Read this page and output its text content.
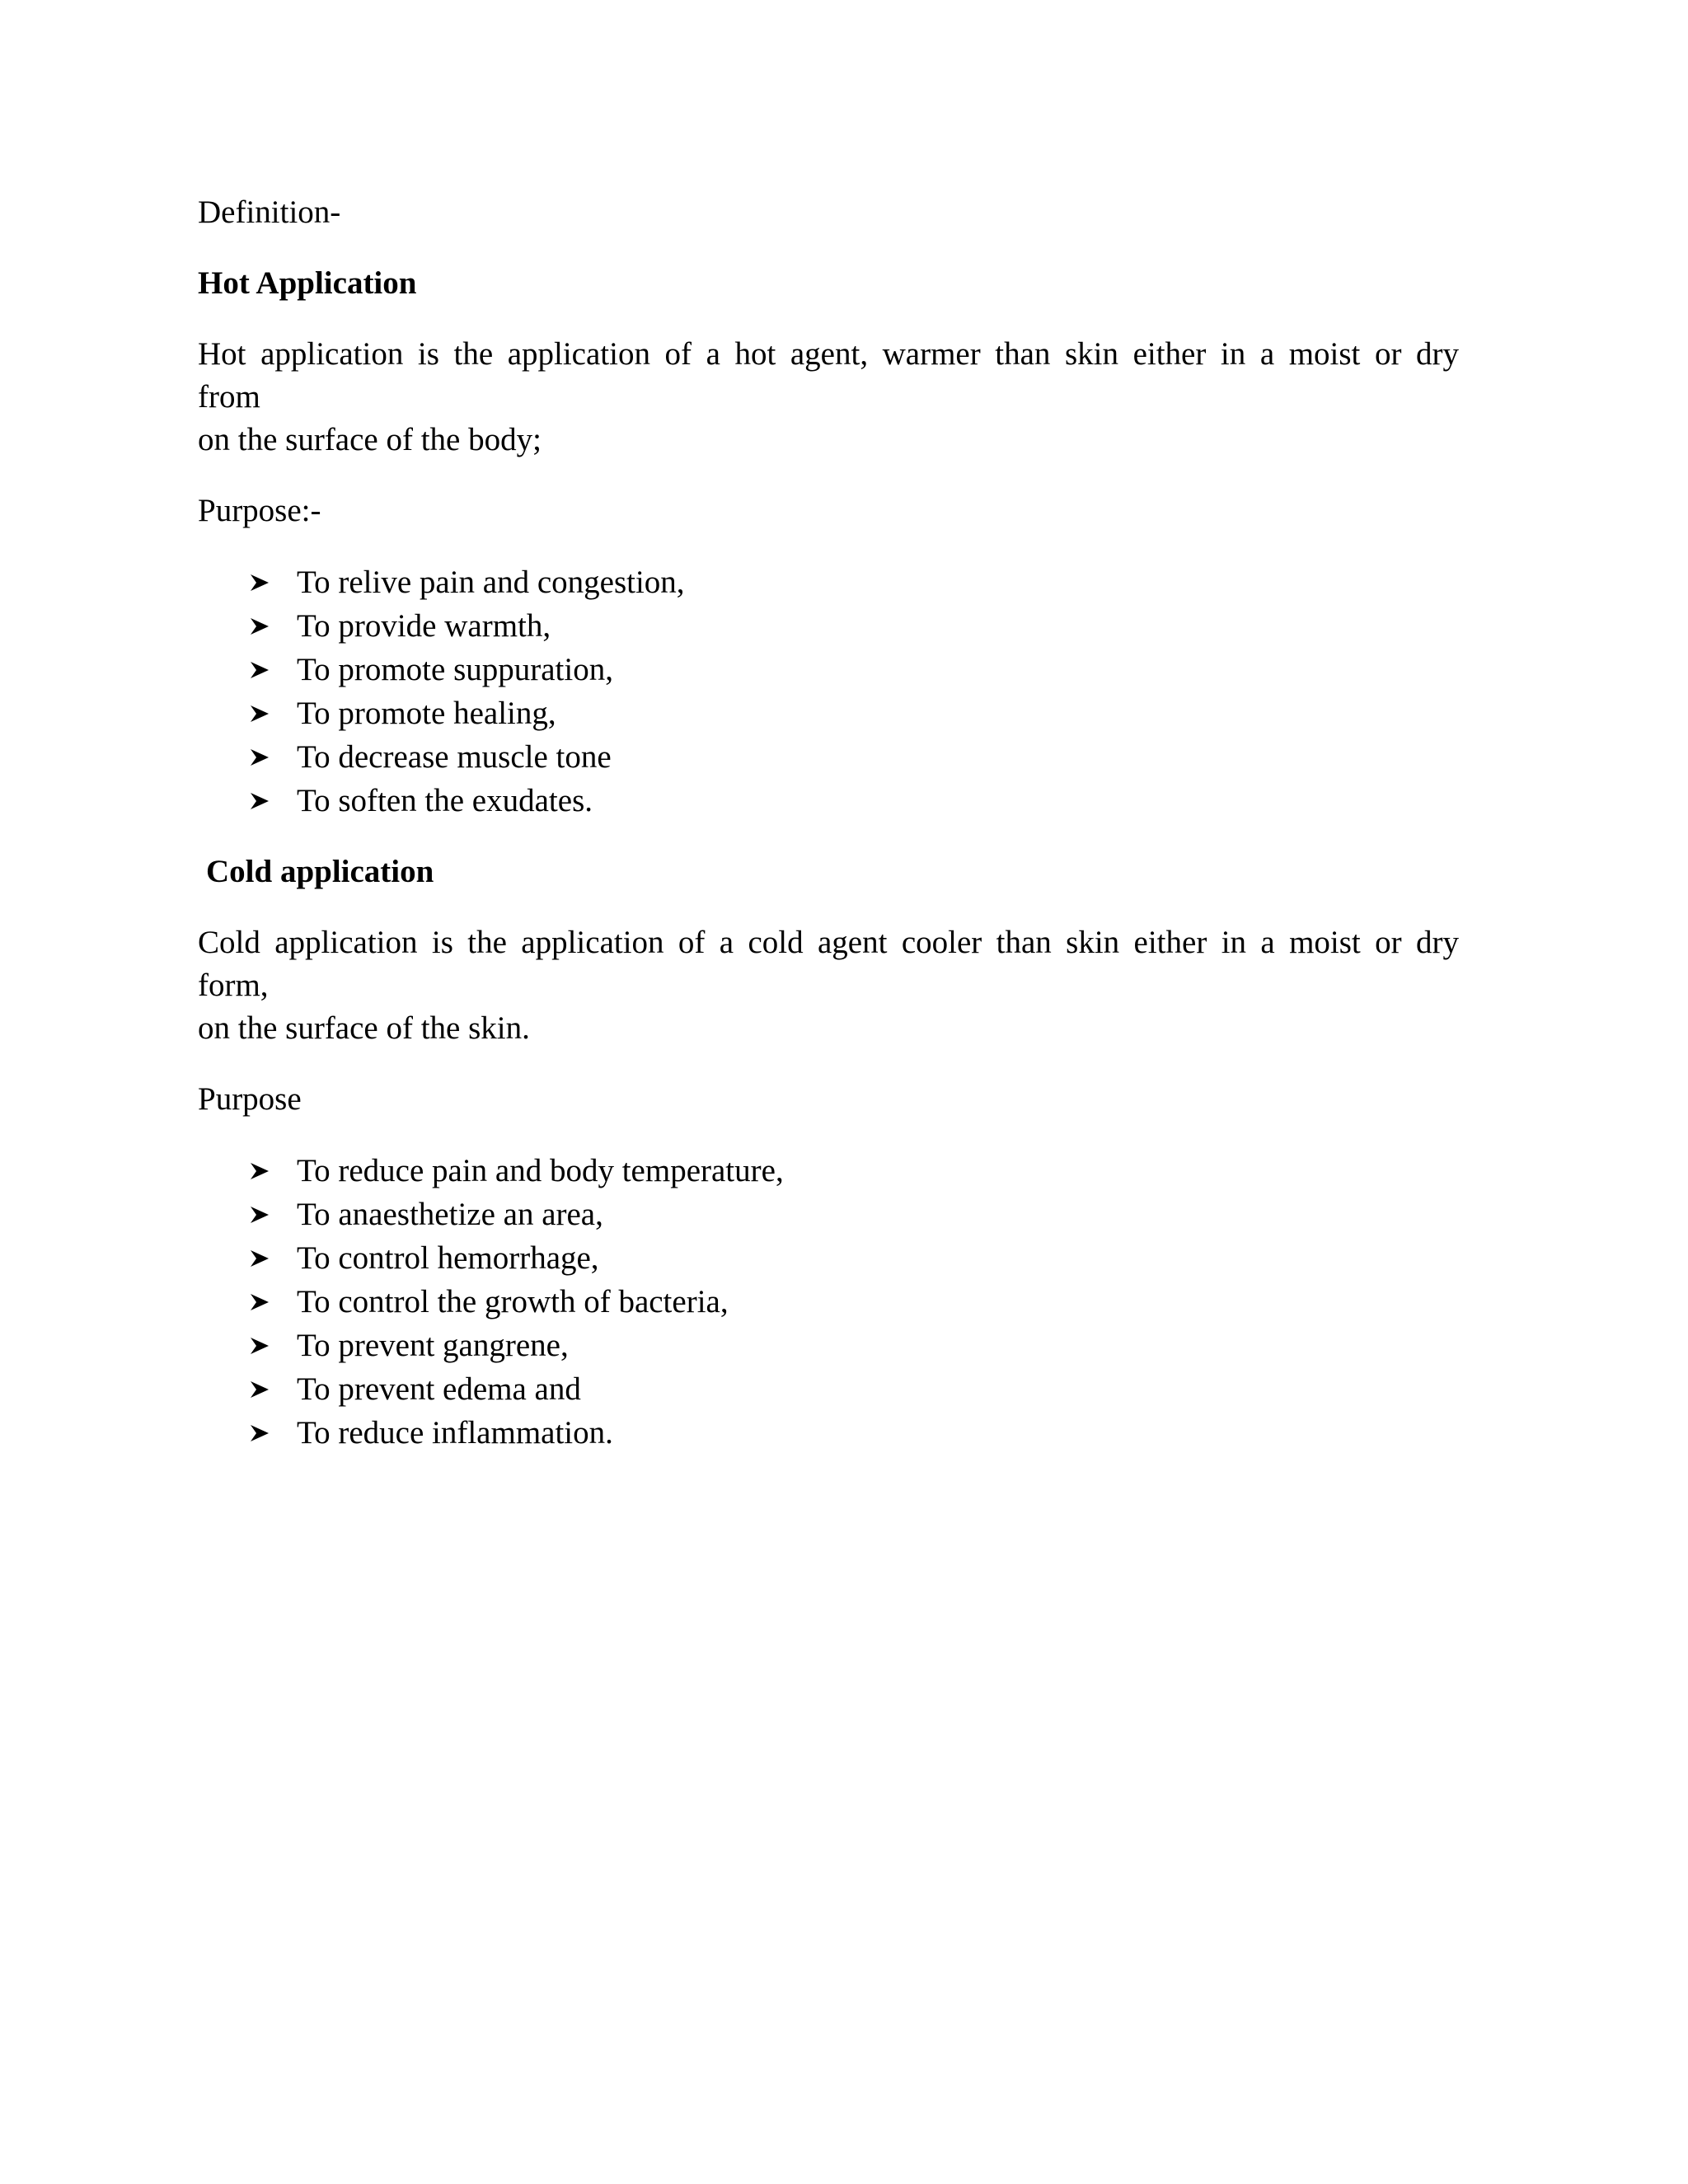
Definition-

Hot Application

Hot application is the application of a hot agent, warmer than skin either in a moist or dry from
on the surface of the body;

Purpose:-

To relive pain and congestion,
To provide warmth,
To promote suppuration,
To promote healing,
To decrease muscle tone
To soften the exudates.

Cold application

Cold application is the application of a cold agent cooler than skin either in a moist or dry form,
on the surface of the skin.

Purpose

To reduce pain and body temperature,
To anaesthetize an area,
To control hemorrhage,
To control the growth of bacteria,
To prevent gangrene,
To prevent edema and
To reduce inflammation.
